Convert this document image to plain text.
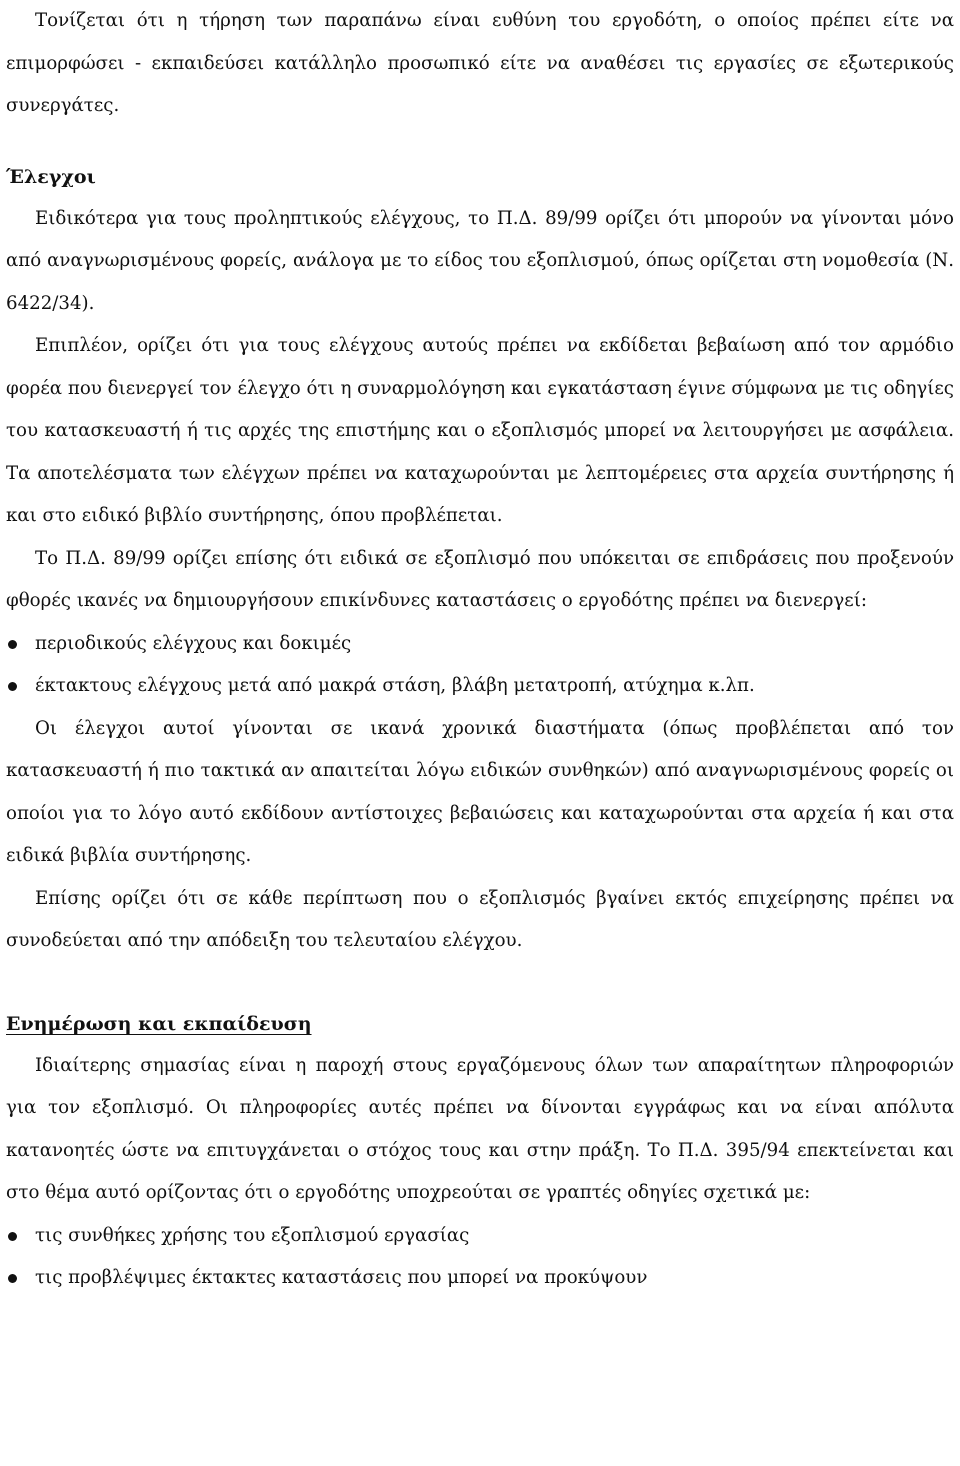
Τονίζεται ότι η τήρηση των παραπάνω είναι ευθύνη του εργοδότη, ο οποίος πρέπει είτε να επιμορφώσει - εκπαιδεύσει κατάλληλο προσωπικό είτε να αναθέσει τις εργασίες σε εξωτερικούς συνεργάτες.

Έλεγχοι

Ειδικότερα για τους προληπτικούς ελέγχους, το Π.Δ. 89/99 ορίζει ότι μπορούν να γίνονται μόνο από αναγνωρισμένους φορείς, ανάλογα με το είδος του εξοπλισμού, όπως ορίζεται στη νομοθεσία (Ν. 6422/34).

Επιπλέον, ορίζει ότι για τους ελέγχους αυτούς πρέπει να εκδίδεται βεβαίωση από τον αρμόδιο φορέα που διενεργεί τον έλεγχο ότι η συναρμολόγηση και εγκατάσταση έγινε σύμφωνα με τις οδηγίες του κατασκευαστή ή τις αρχές της επιστήμης και ο εξοπλισμός μπορεί να λειτουργήσει με ασφάλεια. Τα αποτελέσματα των ελέγχων πρέπει να καταχωρούνται με λεπτομέρειες στα αρχεία συντήρησης ή και στο ειδικό βιβλίο συντήρησης, όπου προβλέπεται.

Το Π.Δ. 89/99 ορίζει επίσης ότι ειδικά σε εξοπλισμό που υπόκειται σε επιδράσεις που προξενούν φθορές ικανές να δημιουργήσουν επικίνδυνες καταστάσεις ο εργοδότης πρέπει να διενεργεί:

περιοδικούς ελέγχους και δοκιμές
έκτακτους ελέγχους μετά από μακρά στάση, βλάβη μετατροπή, ατύχημα κ.λπ.

Οι έλεγχοι αυτοί γίνονται σε ικανά χρονικά διαστήματα (όπως προβλέπεται από τον κατασκευαστή ή πιο τακτικά αν απαιτείται λόγω ειδικών συνθηκών) από αναγνωρισμένους φορείς οι οποίοι για το λόγο αυτό εκδίδουν αντίστοιχες βεβαιώσεις και καταχωρούνται στα αρχεία ή και στα ειδικά βιβλία συντήρησης.

Επίσης ορίζει ότι σε κάθε περίπτωση που ο εξοπλισμός βγαίνει εκτός επιχείρησης πρέπει να συνοδεύεται από την απόδειξη του τελευταίου ελέγχου.

Ενημέρωση και εκπαίδευση

Ιδιαίτερης σημασίας είναι η παροχή στους εργαζόμενους όλων των απαραίτητων πληροφοριών για τον εξοπλισμό. Οι πληροφορίες αυτές πρέπει να δίνονται εγγράφως και να είναι απόλυτα κατανοητές ώστε να επιτυγχάνεται ο στόχος τους και στην πράξη. Το Π.Δ. 395/94 επεκτείνεται και στο θέμα αυτό ορίζοντας ότι ο εργοδότης υποχρεούται σε γραπτές οδηγίες σχετικά με:

τις συνθήκες χρήσης του εξοπλισμού εργασίας
τις προβλέψιμες έκτακτες καταστάσεις που μπορεί να προκύψουν
